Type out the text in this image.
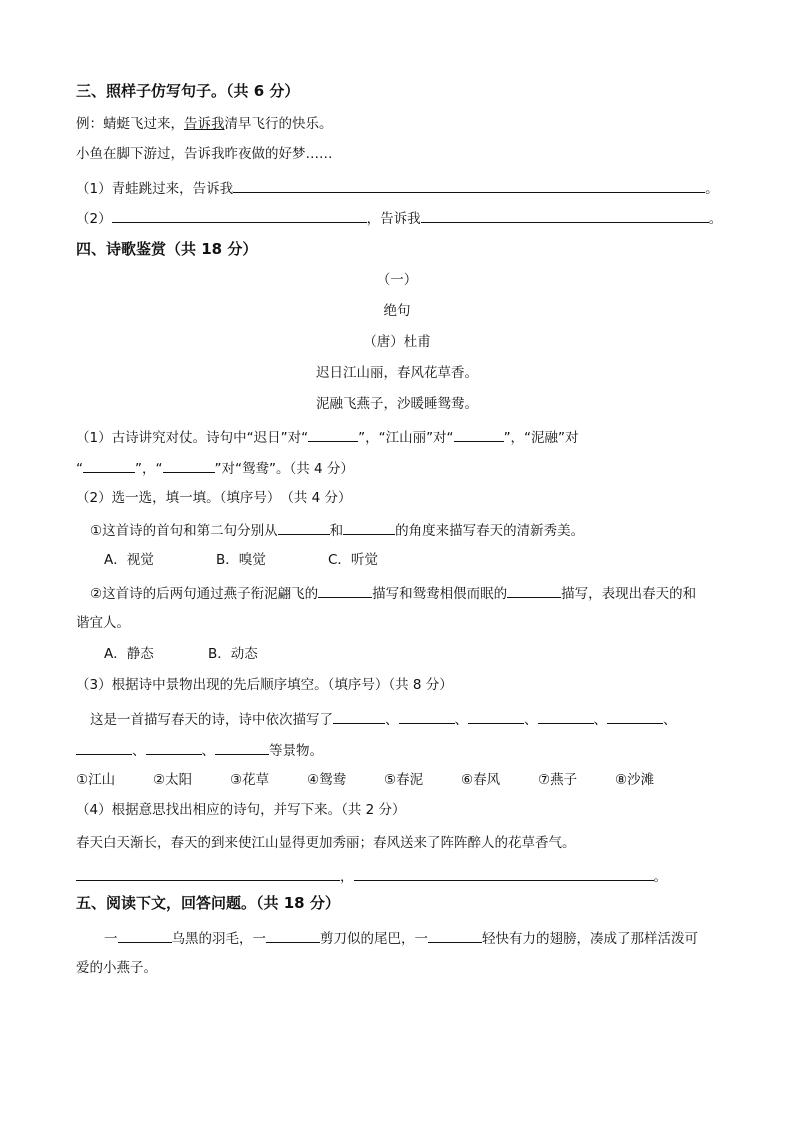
三、照样子仿写句子。（共 6 分）
例：蜻蜓飞过来，告诉我清早飞行的快乐。
小鱼在脚下游过，告诉我昨夜做的好梦……
（1）青蛙跳过来，告诉我	。
（2）	，告诉我	。
四、诗歌鉴赏（共 18 分）
（一）
绝句
（唐）杜甫
迟日江山丽，春风花草香。
泥融飞燕子，沙暖睡鸳鸯。
（1）古诗讲究对仗。诗句中“迟日”对“	”，“江山丽”对“	”，“泥融”对
“	”，“	”对“鸳鸯”。（共 4 分）
（2）选一选，填一填。（填序号）　（共 4 分）
①这首诗的首句和第二句分别从	和	的角度来描写春天的清新秀美。
A．视觉	B．嗅觉	C．听觉
②这首诗的后两句通过燕子衔泥翩飞的	描写和鸳鸯相偎而眠的	描写，表现出春天的和
谐宜人。
A．静态	B．动态
（3）根据诗中景物出现的先后顺序填空。（填序号）（共 8 分）
这是一首描写春天的诗，诗中依次描写了	、	、	、	、	、
、	、	等景物。
①江山	②太阳	③花草	④鸳鸯	⑤春泥	⑥春风	⑦燕子	⑧沙滩
（4）根据意思找出相应的诗句，并写下来。（共 2 分）
春天白天渐长，春天的到来使江山显得更加秀丽；春风送来了阵阵醉人的花草香气。
，	。
五、阅读下文，回答问题。（共 18 分）
一	乌黑的羽毛，一	剪刀似的尾巴，一	轻快有力的翅膀，凑成了那样活泼可
爱的小燕子。
